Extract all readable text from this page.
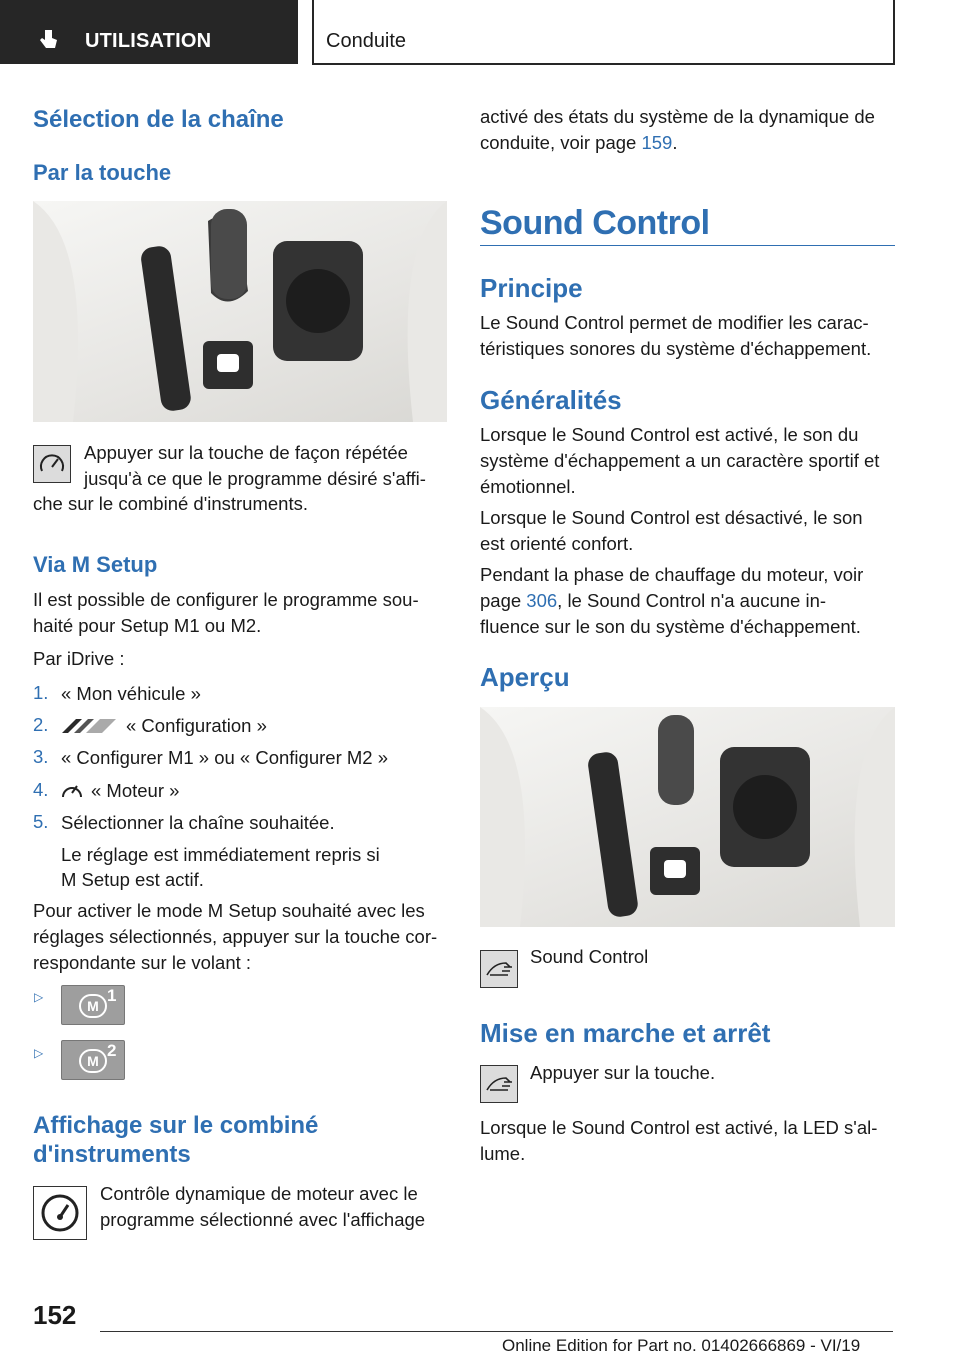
UTILISATION	Conduite
Sélection de la chaîne
Par la touche
Appuyer sur la touche de façon répétée
jusqu'à ce que le programme désiré s'affi-
che sur le combiné d'instruments.
Via M Setup
Il est possible de configurer le programme sou-
haité pour Setup M1 ou M2.
Par iDrive :
1. « Mon véhicule »
2.	« Configuration »
3. « Configurer M1 » ou « Configurer M2 »
4. « Moteur »
5. Sélectionner la chaîne souhaitée.
Le réglage est immédiatement repris si
M Setup est actif.
Pour activer le mode M Setup souhaité avec les
réglages sélectionnés, appuyer sur la touche cor-
respondante sur le volant :
▷
M
1
▷	M
2
Affichage sur le combiné
d'instruments
Contrôle dynamique de moteur avec le
programme sélectionné avec l'affichage
activé des états du système de la dynamique de
conduite, voir page 159.
Sound Control
Principe
Le Sound Control permet de modifier les carac-
téristiques sonores du système d'échappement.
Généralités
Lorsque le Sound Control est activé, le son du
système d'échappement a un caractère sportif et
émotionnel.
Lorsque le Sound Control est désactivé, le son
est orienté confort.
Pendant la phase de chauffage du moteur, voir
page 306, le Sound Control n'a aucune in-
fluence sur le son du système d'échappement.
Aperçu
Sound Control
Mise en marche et arrêt
Appuyer sur la touche.
Lorsque le Sound Control est activé, la LED s'al-
lume.
152
Online Edition for Part no. 01402666869 - VI/19
